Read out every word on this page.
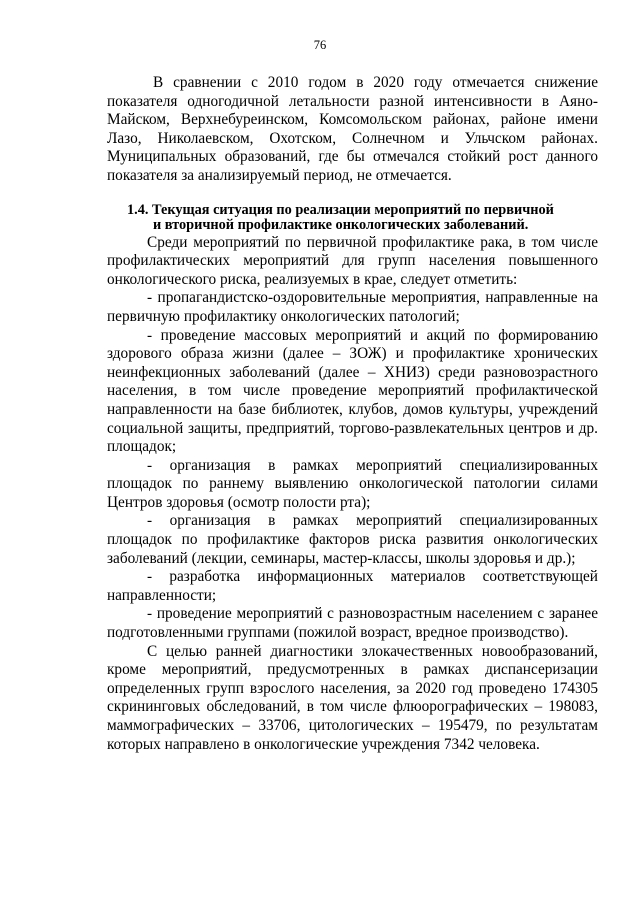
76

В сравнении с 2010 годом в 2020 году отмечается снижение показателя одногодичной летальности разной интенсивности в Аяно-Майском, Верхнебуреинском, Комсомольском районах, районе имени Лазо, Николаевском, Охотском, Солнечном и Ульчском районах. Муниципальных образований, где бы отмечался стойкий рост данного показателя за анализируемый период, не отмечается.

1.4. Текущая ситуация по реализации мероприятий по первичной
и вторичной профилактике онкологических заболеваний.

Среди мероприятий по первичной профилактике рака, в том числе профилактических мероприятий для групп населения повышенного онкологического риска, реализуемых в крае, следует отметить:

- пропагандистско-оздоровительные мероприятия, направленные на первичную профилактику онкологических патологий;

- проведение массовых мероприятий и акций по формированию здорового образа жизни (далее – ЗОЖ) и профилактике хронических неинфекционных заболеваний (далее – ХНИЗ) среди разновозрастного населения, в том числе проведение мероприятий профилактической направленности на базе библиотек, клубов, домов культуры, учреждений социальной защиты, предприятий, торгово-развлекательных центров и др. площадок;

- организация в рамках мероприятий специализированных площадок по раннему выявлению онкологической патологии силами Центров здоровья (осмотр полости рта);

- организация в рамках мероприятий специализированных площадок по профилактике факторов риска развития онкологических заболеваний (лекции, семинары, мастер-классы, школы здоровья и др.);

- разработка информационных материалов соответствующей направленности;

- проведение мероприятий с разновозрастным населением с заранее подготовленными группами (пожилой возраст, вредное производство).

С целью ранней диагностики злокачественных новообразований, кроме мероприятий, предусмотренных в рамках диспансеризации определенных групп взрослого населения, за 2020 год проведено 174305 скрининговых обследований, в том числе флюорографических – 198083, маммографических – 33706, цитологических – 195479, по результатам которых направлено в онкологические учреждения 7342 человека.
